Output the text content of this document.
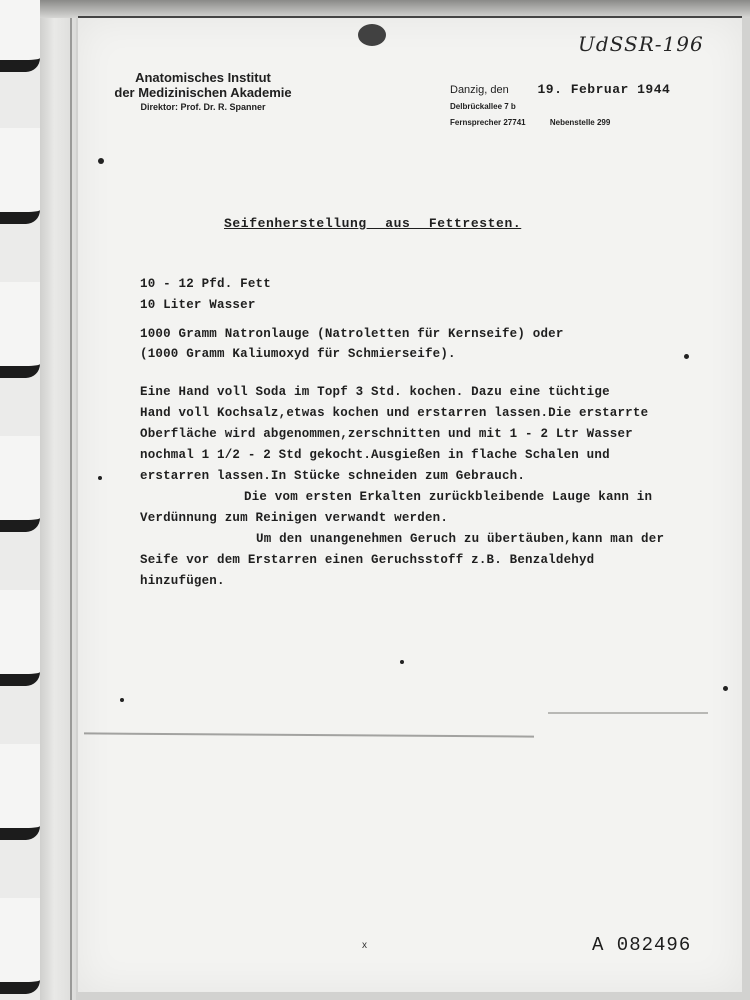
UdSSR-196
Anatomisches Institut
der Medizinischen Akademie
Direktor: Prof. Dr. R. Spanner
Danzig, den 19. Februar 1944
Delbrückallee 7 b
Fernsprecher 27741	Nebenstelle 299
Seifenherstellung aus Fettresten.
10 - 12 Pfd. Fett
10 Liter Wasser
1000 Gramm Natronlauge (Natroletten für Kernseife) oder
(1000 Gramm Kaliumoxyd für Schmierseife).
Eine Hand voll Soda im Topf 3 Std. kochen. Dazu eine tüchtige
Hand voll Kochsalz,etwas kochen und erstarren lassen.Die erstarrte
Oberfläche wird abgenommen,zerschnitten und mit 1 - 2 Ltr Wasser
nochmal 1 1/2 - 2 Std gekocht.Ausgießen in flache Schalen und
erstarren lassen.In Stücke schneiden zum Gebrauch.
Die vom ersten Erkalten zurückbleibende Lauge kann in
Verdünnung zum Reinigen verwandt werden.
Um den unangenehmen Geruch zu übertäuben,kann man der
Seife vor dem Erstarren einen Geruchsstoff z.B. Benzaldehyd
hinzufügen.
x	A 082496
